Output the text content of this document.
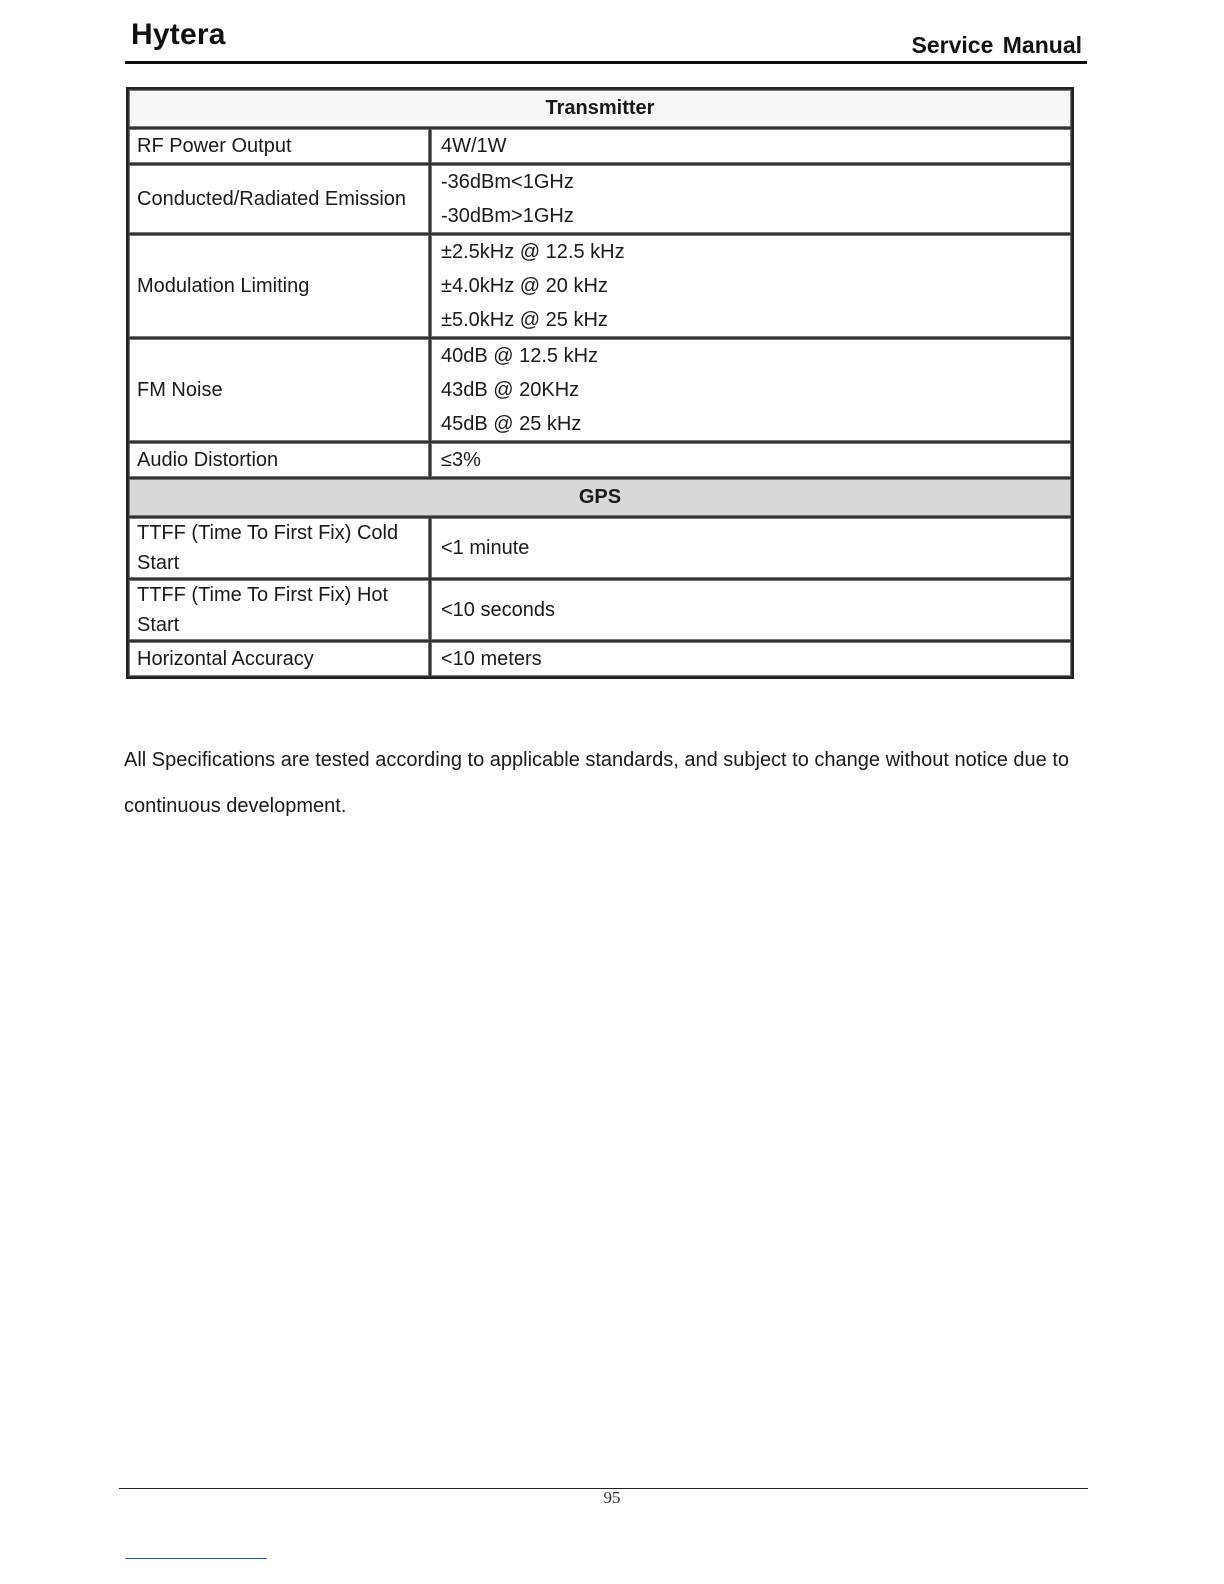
Hytera	Service Manual
Transmitter	
RF Power Output	4W/1W

Conducted/Radiated Emission	-36dBm<1GHz
-30dBm>1GHz

Modulation Limiting	±2.5kHz @ 12.5 kHz
±4.0kHz @ 20 kHz
±5.0kHz @ 25 kHz

FM Noise	40dB @ 12.5 kHz
43dB @ 20KHz
45dB @ 25 kHz

Audio Distortion	≤3%

GPS	
TTFF (Time To First Fix) Cold Start	<1 minute

TTFF (Time To First Fix) Hot Start	<10 seconds

Horizontal Accuracy	<10 meters

All Specifications are tested according to applicable standards, and subject to change without notice due to continuous development.

95
